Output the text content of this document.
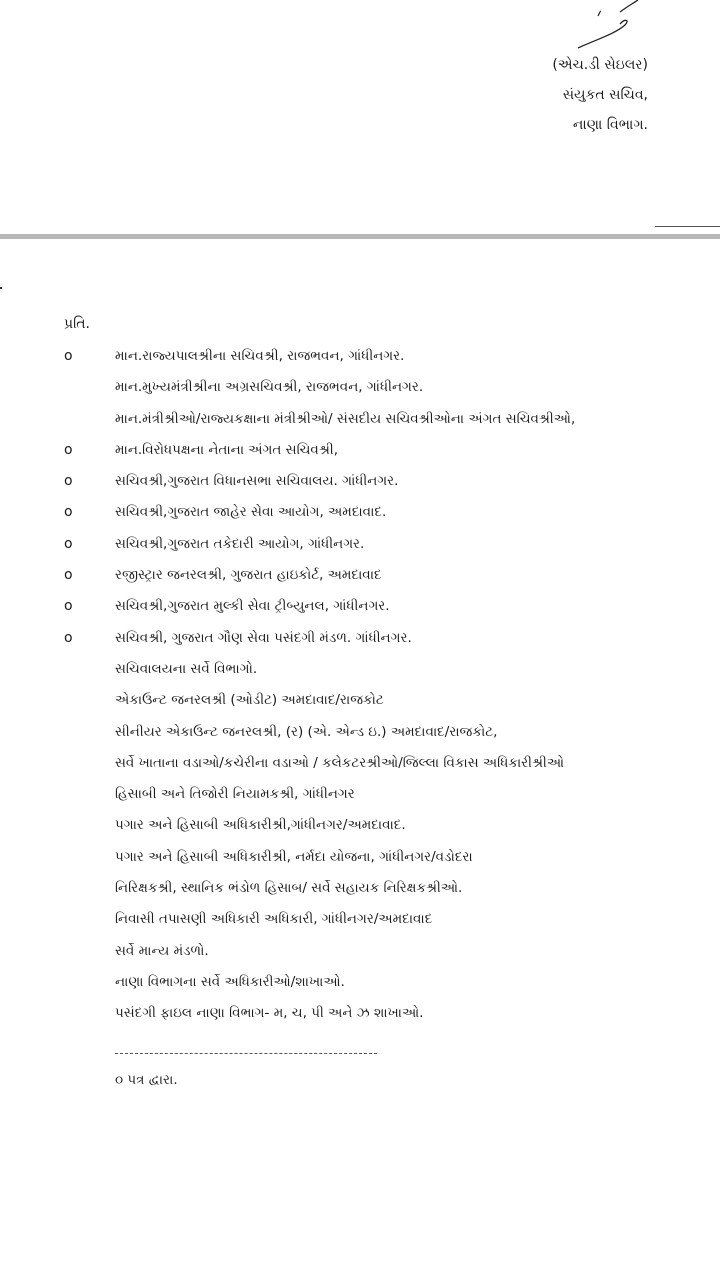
(એચ.ડી સેઇલર)
સંયુકત સચિવ,
નાણા વિભાગ.
પ્રતિ.
o	માન.રાજ્યપાલશ્રીના સચિવશ્રી, રાજભવન, ગાંધીનગર.
માન.મુખ્યમંત્રીશ્રીના અગ્રસચિવશ્રી, રાજભવન, ગાંધીનગર.
માન.મંત્રીશ્રીઓ/રાજ્યકક્ષાના મંત્રીશ્રીઓ/ સંસદીય સચિવશ્રીઓના અંગત સચિવશ્રીઓ,
o	માન.વિરોધપક્ષના નેતાના અંગત સચિવશ્રી,
o	સચિવશ્રી,ગુજરાત વિધાનસભા સચિવાલય. ગાંધીનગર.
o	સચિવશ્રી,ગુજરાત જાહેર સેવા આયોગ, અમદાવાદ.
o	સચિવશ્રી,ગુજરાત તકેદારી આયોગ, ગાંધીનગર.
o	રજીસ્ટ્રાર જનરલશ્રી, ગુજરાત હાઇકોર્ટ, અમદાવાદ
o	સચિવશ્રી,ગુજરાત મુલ્કી સેવા ટ્રીબ્યુનલ, ગાંધીનગર.
o	સચિવશ્રી, ગુજરાત ગૌણ સેવા પસંદગી મંડળ. ગાંધીનગર.
સચિવાલયના સર્વે વિભાગો.
એકાઉન્ટ જનરલશ્રી (ઓડીટ) અમદાવાદ/રાજકોટ
સીનીયર એકાઉન્ટ જનરલશ્રી, (ર) (એ. એન્ડ ઇ.) અમદાવાદ/રાજકોટ,
સર્વે ખાતાના વડાઓ/કચેરીના વડાઓ / કલેકટરશ્રીઓ/જિલ્લા વિકાસ અધિકારીશ્રીઓ
હિસાબી અને તિજોરી નિયામકશ્રી, ગાંધીનગર
પગાર અને હિસાબી અધિકારીશ્રી,ગાંધીનગર/અમદાવાદ.
પગાર અને હિસાબી અધિકારીશ્રી, નર્મદા યોજના, ગાંધીનગર/વડોદરા
નિરિક્ષકશ્રી, સ્થાનિક ભંડોળ હિસાબ/ સર્વે સહાયક નિરિક્ષકશ્રીઓ.
નિવાસી તપાસણી અધિકારી અધિકારી, ગાંધીનગર/અમદાવાદ
સર્વે માન્ય મંડળો.
નાણા વિભાગના સર્વે અધિકારીઓ/શાખાઓ.
પસંદગી ફાઇલ નાણા વિભાગ- મ, ચ, પી અને ઝ શાખાઓ.
૦ પત્ર દ્વારા.
